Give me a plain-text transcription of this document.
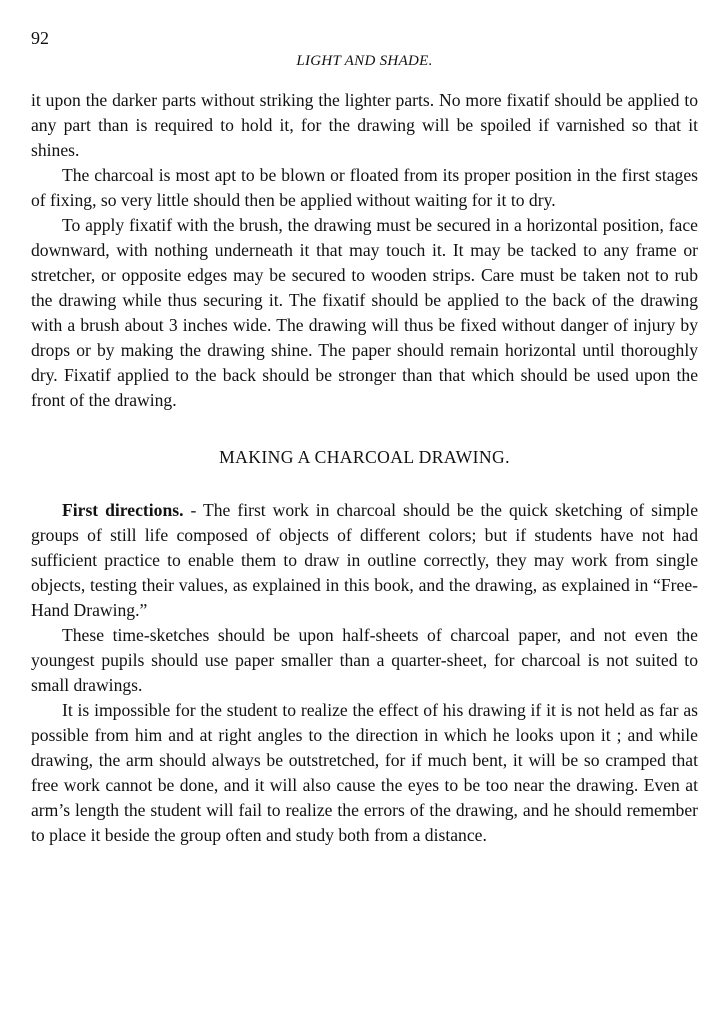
92
LIGHT AND SHADE.

it upon the darker parts without striking the lighter parts. No more fixatif should be applied to any part than is required to hold it, for the drawing will be spoiled if varnished so that it shines.

The charcoal is most apt to be blown or floated from its proper position in the first stages of fixing, so very little should then be applied without waiting for it to dry.

To apply fixatif with the brush, the drawing must be secured in a horizontal position, face downward, with nothing underneath it that may touch it. It may be tacked to any frame or stretcher, or opposite edges may be secured to wooden strips. Care must be taken not to rub the drawing while thus securing it. The fixatif should be applied to the back of the drawing with a brush about 3 inches wide. The drawing will thus be fixed without danger of injury by drops or by making the drawing shine. The paper should remain horizontal until thoroughly dry. Fixatif applied to the back should be stronger than that which should be used upon the front of the drawing.

MAKING A CHARCOAL DRAWING.

First directions. - The first work in charcoal should be the quick sketching of simple groups of still life composed of objects of different colors; but if students have not had sufficient practice to enable them to draw in outline correctly, they may work from single objects, testing their values, as explained in this book, and the drawing, as explained in “Free-Hand Drawing.”

These time-sketches should be upon half-sheets of charcoal paper, and not even the youngest pupils should use paper smaller than a quarter-sheet, for charcoal is not suited to small drawings.

It is impossible for the student to realize the effect of his drawing if it is not held as far as possible from him and at right angles to the direction in which he looks upon it ; and while drawing, the arm should always be outstretched, for if much bent, it will be so cramped that free work cannot be done, and it will also cause the eyes to be too near the drawing. Even at arm’s length the student will fail to realize the errors of the drawing, and he should remember to place it beside the group often and study both from a distance.
